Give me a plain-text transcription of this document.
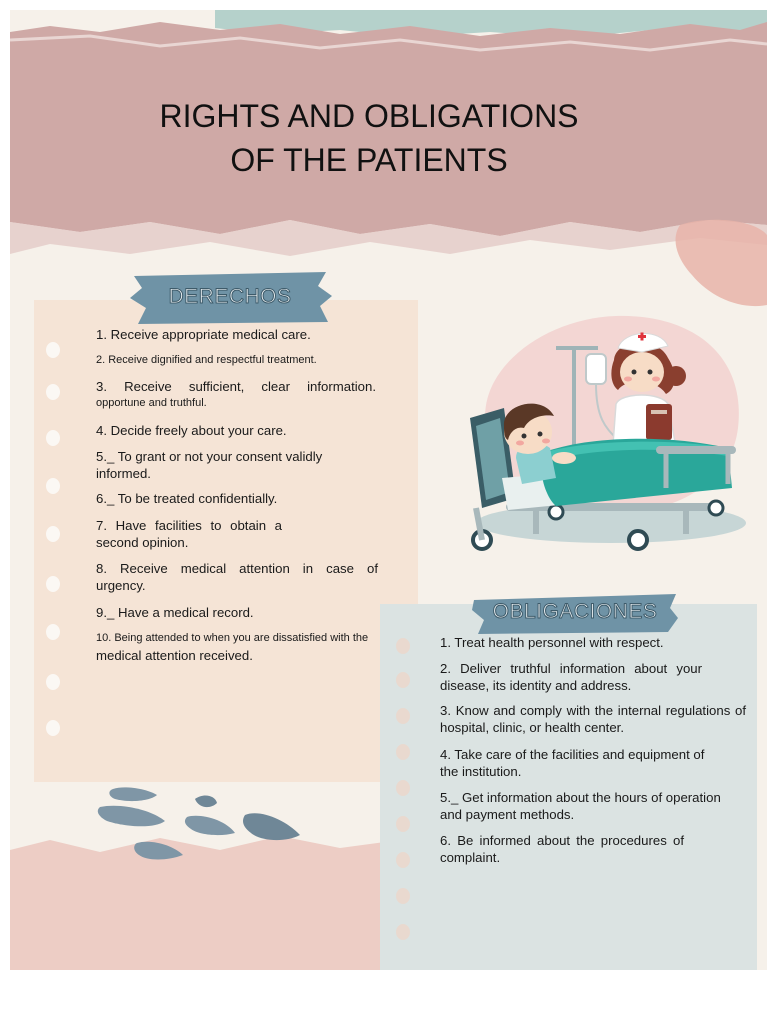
RIGHTS AND OBLIGATIONS
OF THE PATIENTS
DERECHOS
OBLIGACIONES
1. Receive appropriate medical care.
2. Receive dignified and respectful treatment.
3. Receive sufficient, clear information.
opportune and truthful.
4. Decide freely about your care.
5._ To grant or not your consent validly
informed.
6._ To be treated confidentially.
7. Have facilities to obtain a
second opinion.
8. Receive medical attention in case of
urgency.
9._ Have a medical record.
10. Being attended to when you are dissatisfied with the
medical attention received.
1. Treat health personnel with respect.
2. Deliver truthful information about your
disease, its identity and address.
3. Know and comply with the internal regulations of
hospital, clinic, or health center.
4. Take care of the facilities and equipment of
the institution.
5._ Get information about the hours of operation
and payment methods.
6. Be informed about the procedures of
complaint.
